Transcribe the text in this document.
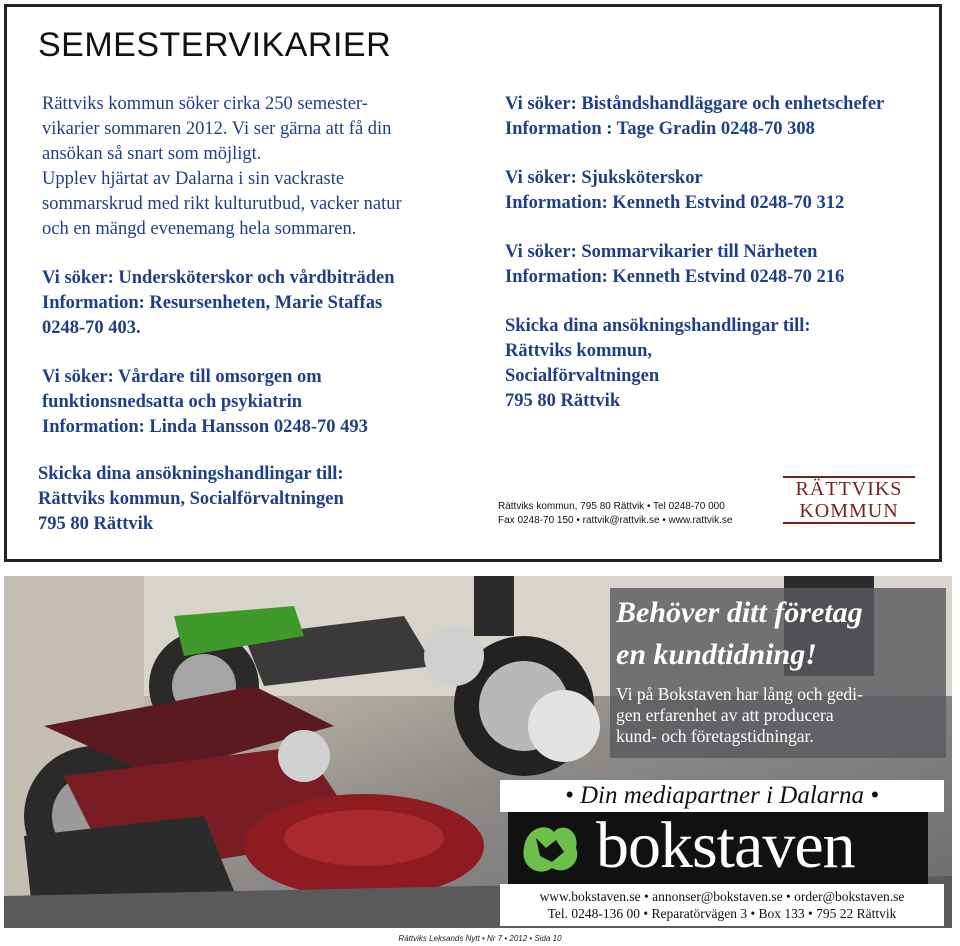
SEMESTERVIKARIER

Rättviks kommun söker cirka 250 semester-
vikarier sommaren 2012. Vi ser gärna att få din
ansökan så snart som möjligt.
Upplev hjärtat av Dalarna i sin vackraste
sommarskrud med rikt kulturutbud, vacker natur
och en mängd evenemang hela sommaren.

Vi söker: Undersköterskor och vårdbiträden
Information: Resursenheten, Marie Staffas
0248-70 403.

Vi söker: Vårdare till omsorgen om
funktionsnedsatta och psykiatrin
Information: Linda Hansson 0248-70 493

Skicka dina ansökningshandlingar till:
Rättviks kommun, Socialförvaltningen
795 80 Rättvik

Vi söker: Biståndshandläggare och enhetschefer
Information : Tage Gradin 0248-70 308

Vi söker: Sjuksköterskor
Information: Kenneth Estvind 0248-70 312

Vi söker: Sommarvikarier till Närheten
Information: Kenneth Estvind 0248-70 216

Skicka dina ansökningshandlingar till:
Rättviks kommun,
Socialförvaltningen
795 80 Rättvik

Rättviks kommun, 795 80 Rättvik • Tel 0248-70 000
Fax 0248-70 150 • rattvik@rattvik.se • www.rattvik.se
RÄTTVIKS
KOMMUN
Behöver ditt företag
en kundtidning!
Vi på Bokstaven har lång och gedi-
gen erfarenhet av att producera
kund- och företagstidningar.
• Din mediapartner i Dalarna •
bokstaven
www.bokstaven.se • annonser@bokstaven.se • order@bokstaven.se
Tel. 0248-136 00 • Reparatörvägen 3 • Box 133 • 795 22 Rättvik
Rättviks Leksands Nytt • Nr 7 • 2012 • Sida 10
